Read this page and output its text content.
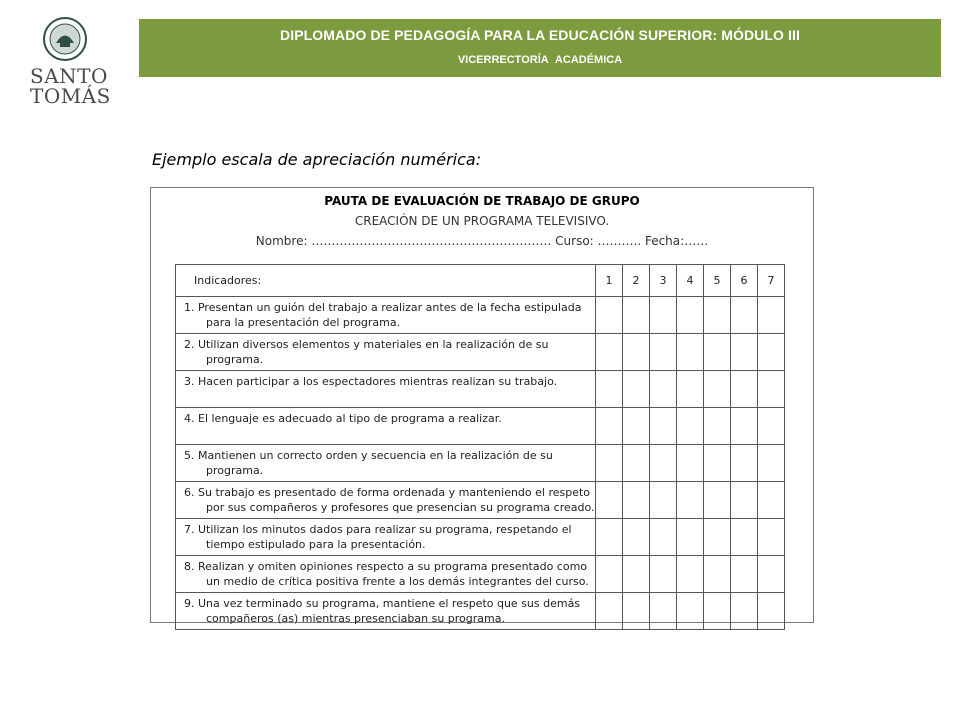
SANTO
TOMÁS
DIPLOMADO DE PEDAGOGÍA PARA LA EDUCACIÓN SUPERIOR: MÓDULO III
VICERRECTORÍA ACADÉMICA
Ejemplo escala de apreciación numérica:
PAUTA DE EVALUACIÓN DE TRABAJO DE GRUPO
CREACIÓN DE UN PROGRAMA TELEVISIVO.
Nombre: …………………………………………………… Curso: ……….. Fecha:……
Indicadores:	1	2	3	4	5	6	7
1. Presentan un guión del trabajo a realizar antes de la fecha estipulada
para la presentación del programa.							

2. Utilizan diversos elementos y materiales en la realización de su
programa.							

3. Hacen participar a los espectadores mientras realizan su trabajo.

4. El lenguaje es adecuado al tipo de programa a realizar.

5. Mantienen un correcto orden y secuencia en la realización de su
programa.							

6. Su trabajo es presentado de forma ordenada y manteniendo el respeto
por sus compañeros y profesores que presencian su programa creado.							

7. Utilizan los minutos dados para realizar su programa, respetando el
tiempo estipulado para la presentación.							

8. Realizan y omiten opiniones respecto a su programa presentado como
un medio de crítica positiva frente a los demás integrantes del curso.							

9. Una vez terminado su programa, mantiene el respeto que sus demás
compañeros (as) mientras presenciaban su programa.							
